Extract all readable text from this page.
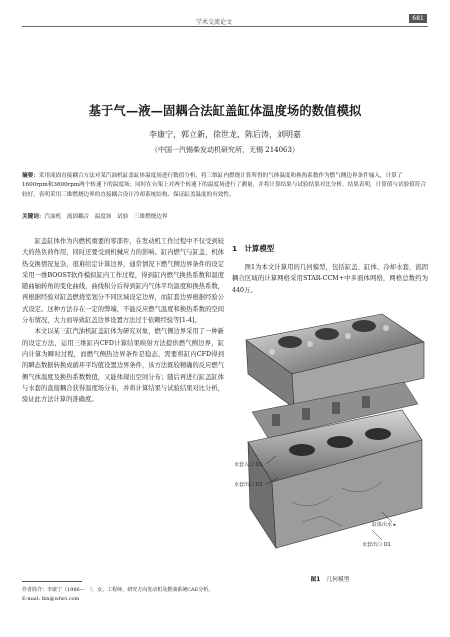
学术交流论文
681
基于气—液—固耦合法缸盖缸体温度场的数值模拟
李康宁，郭立新，徐世龙，陈后涛，刘明嘉
（中国一汽锡柴发动机研究所，无锡 214063）
摘要：采用流固直接耦合方法对某汽油机缸盖缸体温度场进行数值分析，将三维缸内燃烧计算所得的气体温度和换热系数作为燃气侧边界条件输入，计算了1600rpm和3600rpm两个转速下的温度场；同时在台架上对两个转速下的温度场进行了测量，并将计算结果与试验结果对比分析。结果表明，计算值与试验值符合较好，表明采用三维燃烧边界的直接耦合设计冷却系统结构、保证缸盖温度的有效性。
关键词：汽油机　流固耦合　温度场　试验　三维燃烧边界

缸盖缸体作为内燃机重要的零部件，在发动机工作过程中不仅受到较大的热负荷作用，同时还要受到机械应力的影响。缸内燃气与缸盖、机体热交换情况复杂，很难给定计算边界，通常情况下燃气侧边界条件的设定采用一维BOOST软件模拟缸内工作过程，得到缸内燃气换热系数和温度随曲轴转角的变化曲线，曲线积分后得到缸内气体平均温度和换热系数，再根据经验对缸盖燃烧室划分不同区域设定边界，而缸套边界根据经验公式设定。这种方法存在一定的弊端，不能反应燃气温度和换热系数的空间分布情况，大力而导致缸盖边界设置方法过于依赖经验等[1-4]。

本文以某三缸汽油机缸盖缸体为研究对象，燃气侧边界采用了一种新的设定方法，运用三维缸内CFD计算结果映射方法提供燃气侧边界，缸内计算为瞬时过程，而燃气侧热边界条件是稳态，需要将缸内CFD得到的瞬态数据转换成循环平均值设置边界条件，该方法既较精确的反应燃气侧气体温度及换热系数数值，又能体现出空间分布；随后再进行缸盖缸体与水套的直接耦合获得温度场分布，并将计算结果与试验结果对比分析，验证此方法计算的准确度。

作者简介：李康宁（1986—　），女，工程师，研究方向发动机及燃油系统CAE分析。
E-mail: lkn@wfsri.com
1　计算模型

图1为本文计算用的几何模型，包括缸盖、缸体、冷却水套，流固耦合区域的计算网格采用STAR-CCM+中多面体网格，网格总数约为440万。

水套入口 Q1
水套出口 O1
缸体出水 ▸
水套出口 O1
图1 几何模型
